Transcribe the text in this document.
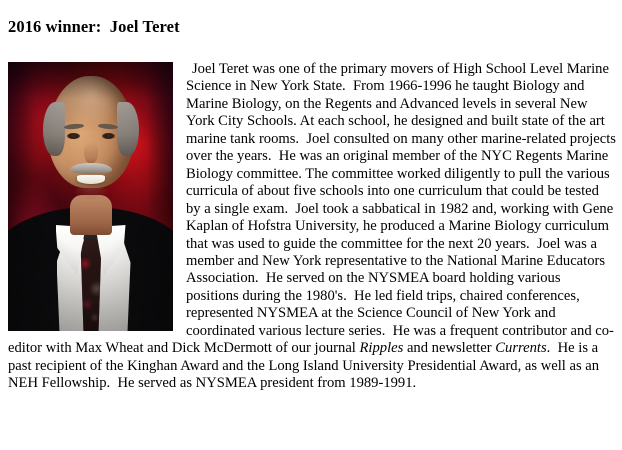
2016 winner:  Joel Teret

Joel Teret was one of the primary movers of High School Level Marine Science in New York State.  From 1966-1996 he taught Biology and Marine Biology, on the Regents and Advanced levels in several New York City Schools. At each school, he designed and built state of the art marine tank rooms.  Joel consulted on many other marine-related projects over the years.  He was an original member of the NYC Regents Marine Biology committee. The committee worked diligently to pull the various curricula of about five schools into one curriculum that could be tested by a single exam.  Joel took a sabbatical in 1982 and, working with Gene Kaplan of Hofstra University, he produced a Marine Biology curriculum that was used to guide the committee for the next 20 years.  Joel was a member and New York representative to the National Marine Educators Association.  He served on the NYSMEA board holding various positions during the 1980's.  He led field trips, chaired conferences, represented NYSMEA at the Science Council of New York and coordinated various lecture series.  He was a frequent contributor and co-editor with Max Wheat and Dick McDermott of our journal Ripples and newsletter Currents.  He is a past recipient of the Kinghan Award and the Long Island University Presidential Award, as well as an NEH Fellowship.  He served as NYSMEA president from 1989-1991.
